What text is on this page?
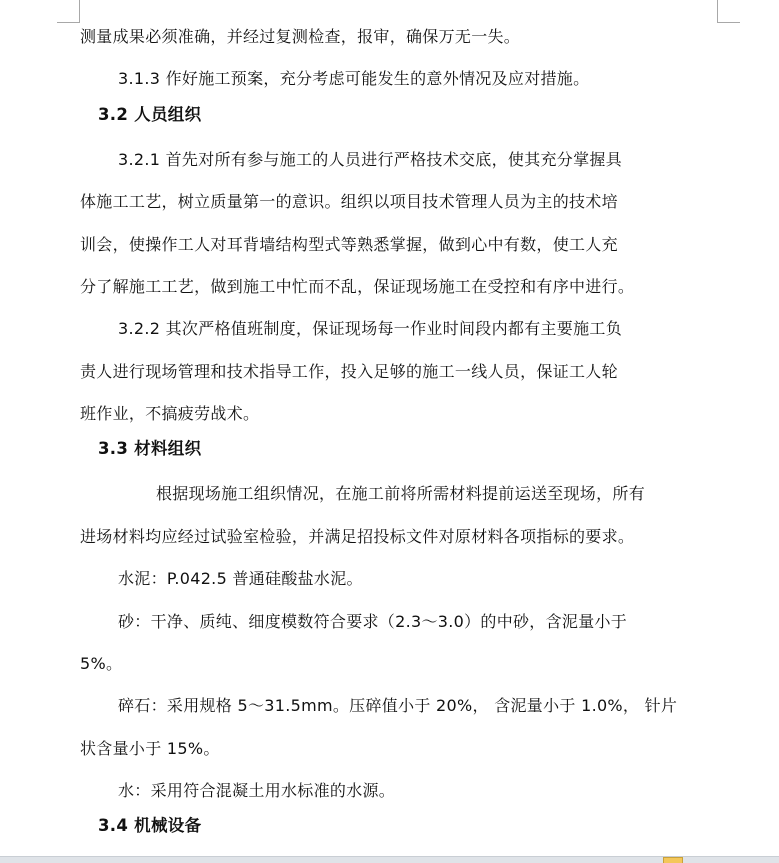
测量成果必须准确，并经过复测检查，报审，确保万无一失。
3.1.3 作好施工预案，充分考虑可能发生的意外情况及应对措施。
3.2 人员组织
3.2.1 首先对所有参与施工的人员进行严格技术交底，使其充分掌握具
体施工工艺，树立质量第一的意识。组织以项目技术管理人员为主的技术培
训会，使操作工人对耳背墙结构型式等熟悉掌握，做到心中有数，使工人充
分了解施工工艺，做到施工中忙而不乱，保证现场施工在受控和有序中进行。
3.2.2 其次严格值班制度，保证现场每一作业时间段内都有主要施工负
责人进行现场管理和技术指导工作，投入足够的施工一线人员，保证工人轮
班作业，不搞疲劳战术。
3.3 材料组织
根据现场施工组织情况，在施工前将所需材料提前运送至现场，所有
进场材料均应经过试验室检验，并满足招投标文件对原材料各项指标的要求。
水泥：P.042.5 普通硅酸盐水泥。
砂：干净、质纯、细度模数符合要求（2.3～3.0）的中砂，含泥量小于
5%。
碎石：采用规格 5～31.5mm。压碎值小于 20%， 含泥量小于 1.0%， 针片
状含量小于 15%。
水：采用符合混凝土用水标准的水源。
3.4 机械设备
